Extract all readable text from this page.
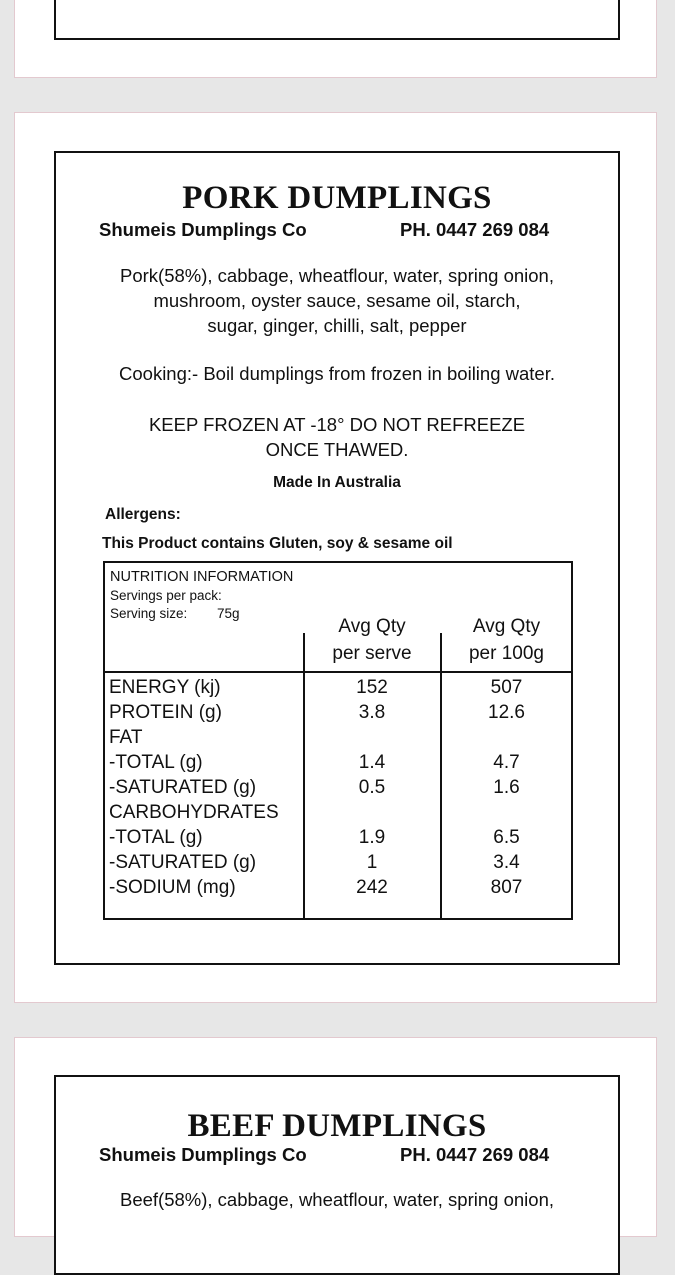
PORK DUMPLINGS
Shumeis Dumplings Co	PH. 0447 269 084
Pork(58%), cabbage, wheatflour, water, spring onion,
mushroom, oyster sauce, sesame oil, starch,
sugar, ginger, chilli, salt, pepper
Cooking:- Boil dumplings from frozen in boiling water.
KEEP FROZEN AT -18° DO NOT REFREEZE
ONCE THAWED.
Made In Australia
Allergens:
This Product contains Gluten, soy & sesame oil
NUTRITION INFORMATION
Servings per pack:
Serving size: 75g
Avg Qty
per serve
Avg Qty
per 100g
ENERGY (kj)	152	507
PROTEIN (g)	3.8	12.6
FAT
-TOTAL (g)	1.4	4.7
-SATURATED (g)	0.5	1.6
CARBOHYDRATES
-TOTAL (g)	1.9	6.5
-SATURATED (g)	1	3.4
-SODIUM (mg)	242	807
BEEF DUMPLINGS
Shumeis Dumplings Co	PH. 0447 269 084
Beef(58%), cabbage, wheatflour, water, spring onion,
